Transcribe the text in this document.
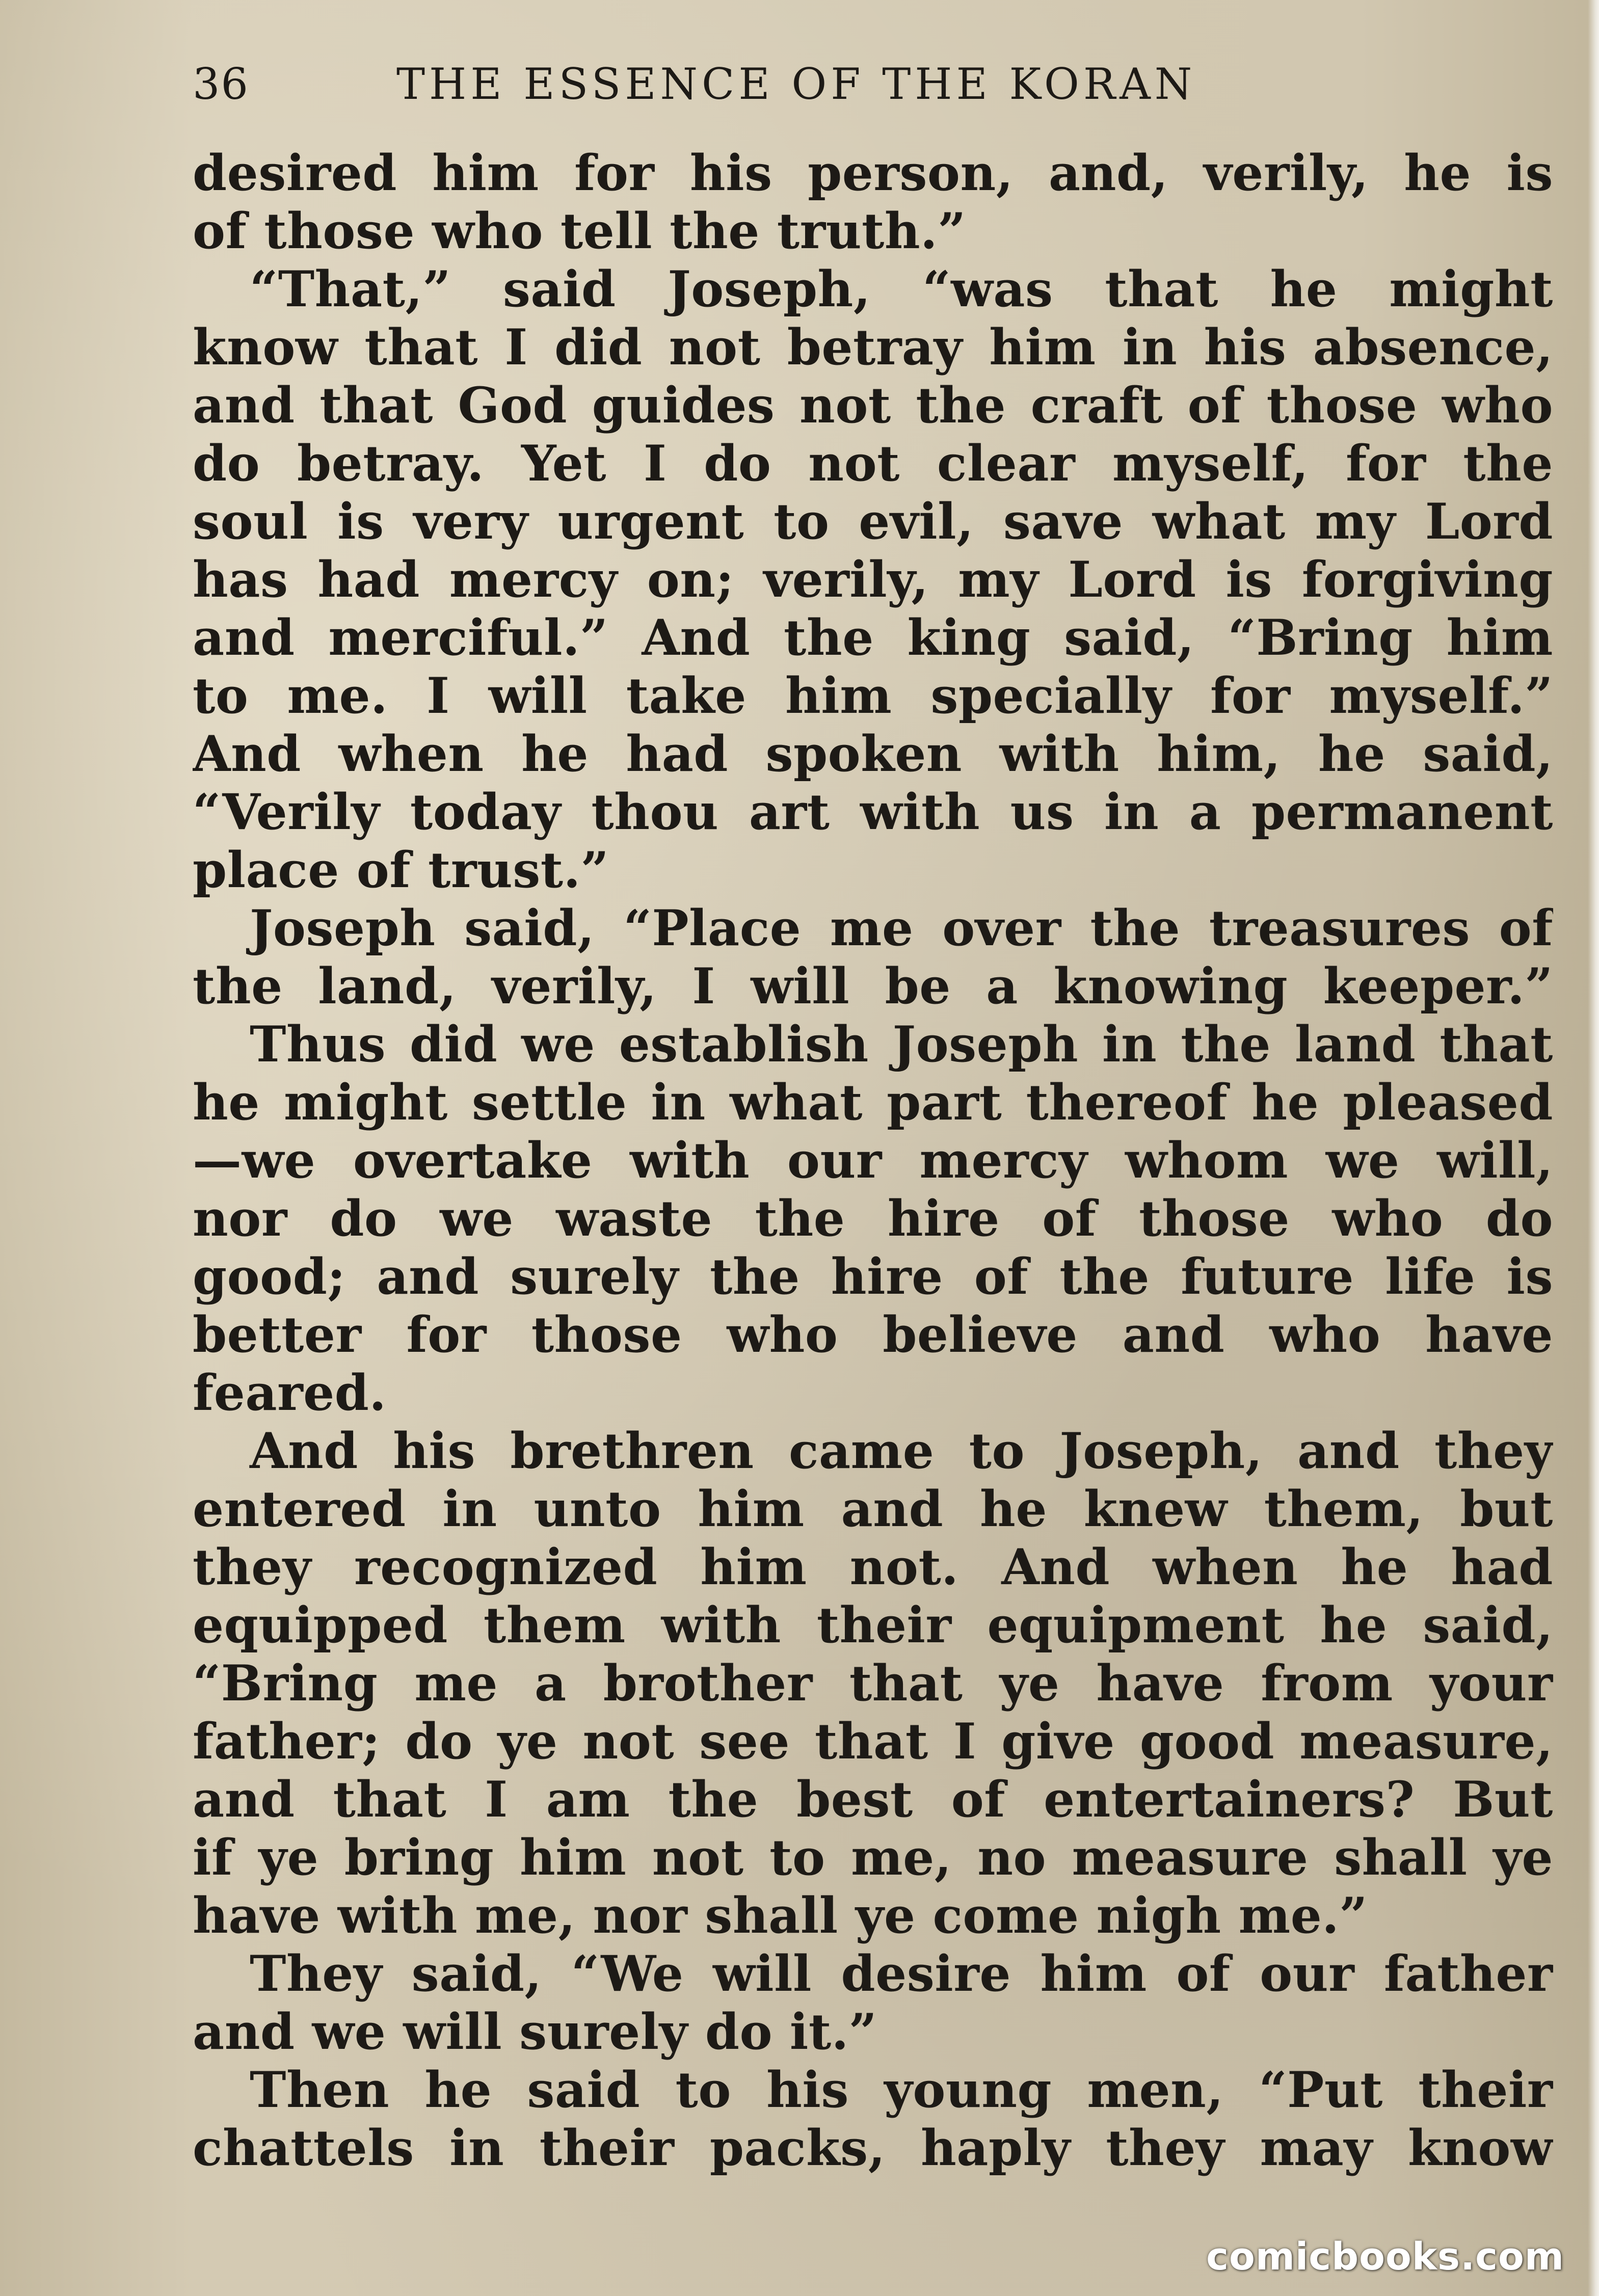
36	THE ESSENCE OF THE KORAN
desired him for his person, and, verily, he is
of those who tell the truth.”
“That,” said Joseph, “was that he might
know that I did not betray him in his absence,
and that God guides not the craft of those who
do betray. Yet I do not clear myself, for the
soul is very urgent to evil, save what my Lord
has had mercy on; verily, my Lord is forgiving
and merciful.” And the king said, “Bring him
to me. I will take him specially for myself.”
And when he had spoken with him, he said,
“Verily today thou art with us in a permanent
place of trust.”
Joseph said, “Place me over the treasures of
the land, verily, I will be a knowing keeper.”
Thus did we establish Joseph in the land that
he might settle in what part thereof he pleased
—we overtake with our mercy whom we will,
nor do we waste the hire of those who do
good; and surely the hire of the future life is
better for those who believe and who have
feared.
And his brethren came to Joseph, and they
entered in unto him and he knew them, but
they recognized him not. And when he had
equipped them with their equipment he said,
“Bring me a brother that ye have from your
father; do ye not see that I give good measure,
and that I am the best of entertainers? But
if ye bring him not to me, no measure shall ye
have with me, nor shall ye come nigh me.”
They said, “We will desire him of our father
and we will surely do it.”
Then he said to his young men, “Put their
chattels in their packs, haply they may know
comicbooks.com
